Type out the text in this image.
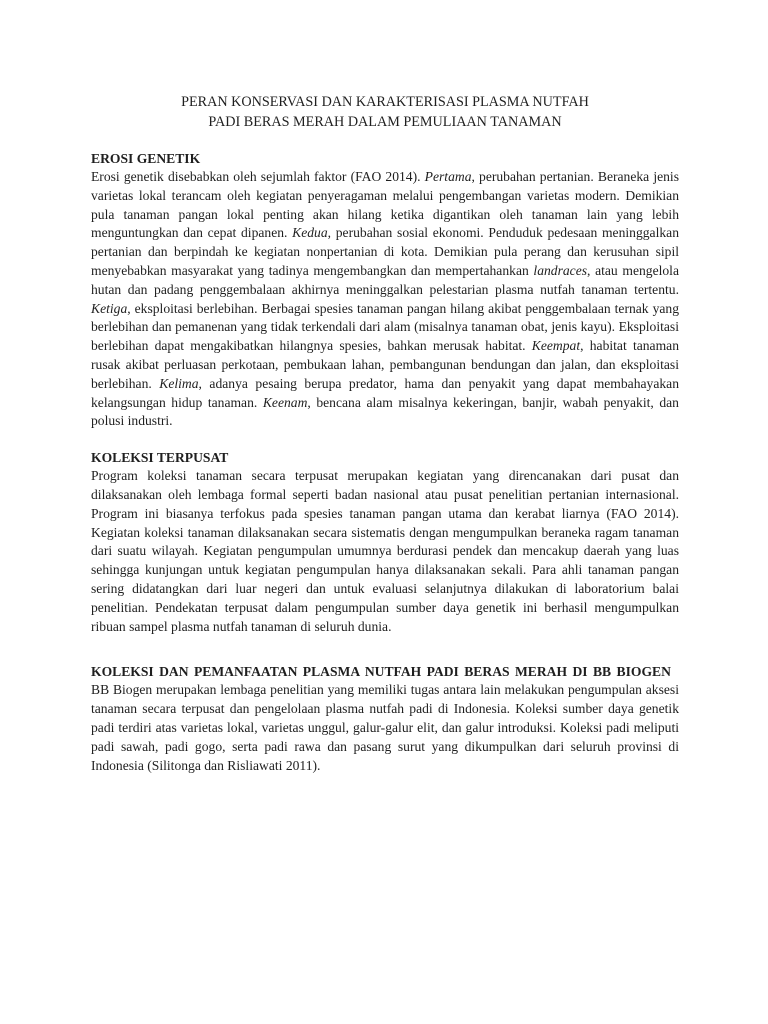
PERAN KONSERVASI DAN KARAKTERISASI PLASMA NUTFAH
PADI BERAS MERAH DALAM PEMULIAAN TANAMAN
EROSI GENETIK

Erosi genetik disebabkan oleh sejumlah faktor (FAO 2014). Pertama, perubahan pertanian. Beraneka jenis varietas lokal terancam oleh kegiatan penyeragaman melalui pengembangan varietas modern. Demikian pula tanaman pangan lokal penting akan hilang ketika digantikan oleh tanaman lain yang lebih menguntungkan dan cepat dipanen. Kedua, perubahan sosial ekonomi. Penduduk pedesaan meninggalkan pertanian dan berpindah ke kegiatan nonpertanian di kota. Demikian pula perang dan kerusuhan sipil menyebabkan masyarakat yang tadinya mengembangkan dan mempertahankan landraces, atau mengelola hutan dan padang penggembalaan akhirnya meninggalkan pelestarian plasma nutfah tanaman tertentu. Ketiga, eksploitasi berlebihan. Berbagai spesies tanaman pangan hilang akibat penggembalaan ternak yang berlebihan dan pemanenan yang tidak terkendali dari alam (misalnya tanaman obat, jenis kayu). Eksploitasi berlebihan dapat mengakibatkan hilangnya spesies, bahkan merusak habitat. Keempat, habitat tanaman rusak akibat perluasan perkotaan, pembukaan lahan, pembangunan bendungan dan jalan, dan eksploitasi berlebihan. Kelima, adanya pesaing berupa predator, hama dan penyakit yang dapat membahayakan kelangsungan hidup tanaman. Keenam, bencana alam misalnya kekeringan, banjir, wabah penyakit, dan polusi industri.

KOLEKSI TERPUSAT

Program koleksi tanaman secara terpusat merupakan kegiatan yang direncanakan dari pusat dan dilaksanakan oleh lembaga formal seperti badan nasional atau pusat penelitian pertanian internasional. Program ini biasanya terfokus pada spesies tanaman pangan utama dan kerabat liarnya (FAO 2014). Kegiatan koleksi tanaman dilaksanakan secara sistematis dengan mengumpulkan beraneka ragam tanaman dari suatu wilayah. Kegiatan pengumpulan umumnya berdurasi pendek dan mencakup daerah yang luas sehingga kunjungan untuk kegiatan pengumpulan hanya dilaksanakan sekali. Para ahli tanaman pangan sering didatangkan dari luar negeri dan untuk evaluasi selanjutnya dilakukan di laboratorium balai penelitian. Pendekatan terpusat dalam pengumpulan sumber daya genetik ini berhasil mengumpulkan ribuan sampel plasma nutfah tanaman di seluruh dunia.

KOLEKSI DAN PEMANFAATAN PLASMA NUTFAH PADI BERAS MERAH DI BB BIOGEN

BB Biogen merupakan lembaga penelitian yang memiliki tugas antara lain melakukan pengumpulan aksesi tanaman secara terpusat dan pengelolaan plasma nutfah padi di Indonesia. Koleksi sumber daya genetik padi terdiri atas varietas lokal, varietas unggul, galur-galur elit, dan galur introduksi. Koleksi padi meliputi padi sawah, padi gogo, serta padi rawa dan pasang surut yang dikumpulkan dari seluruh provinsi di Indonesia (Silitonga dan Risliawati 2011).
